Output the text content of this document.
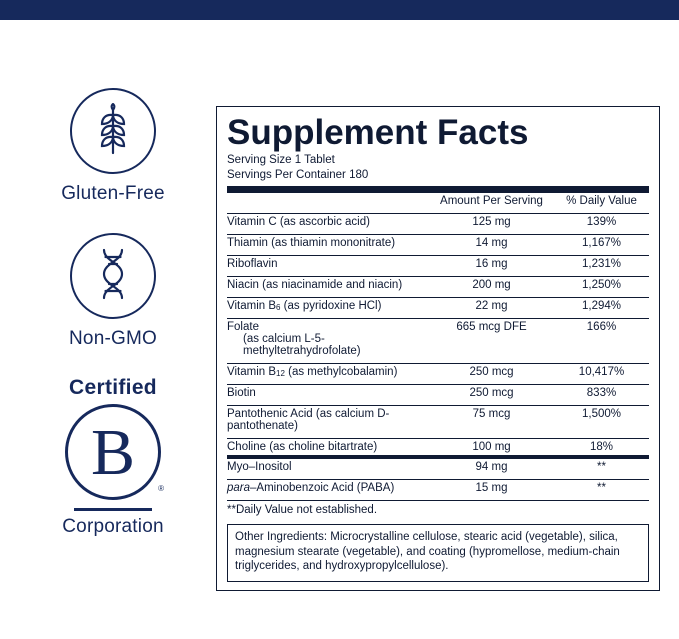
Gluten-Free
Non-GMO
Certified
B	®
Corporation
Supplement Facts
Serving Size 1 Tablet
Servings Per Container 180
	Amount Per Serving	% Daily Value

Vitamin C (as ascorbic acid)	125 mg	139%

Thiamin (as thiamin mononitrate)	14 mg	1,167%

Riboflavin	16 mg	1,231%

Niacin (as niacinamide and niacin)	200 mg	1,250%

Vitamin B6 (as pyridoxine HCl)	22 mg	1,294%

Folate
(as calcium L-5-methyltetrahydrofolate)	665 mcg DFE	166%

Vitamin B12 (as methylcobalamin)	250 mcg	10,417%

Biotin	250 mcg	833%

Pantothenic Acid (as calcium D-pantothenate)	75 mcg	1,500%

Choline (as choline bitartrate)	100 mg	18%
Myo–Inositol	94 mg	**

para–Aminobenzoic Acid (PABA)	15 mg	**

**Daily Value not established.
Other Ingredients: Microcrystalline cellulose, stearic acid (vegetable), silica, magnesium stearate (vegetable), and coating (hypromellose, medium-chain triglycerides, and hydroxypropylcellulose).
